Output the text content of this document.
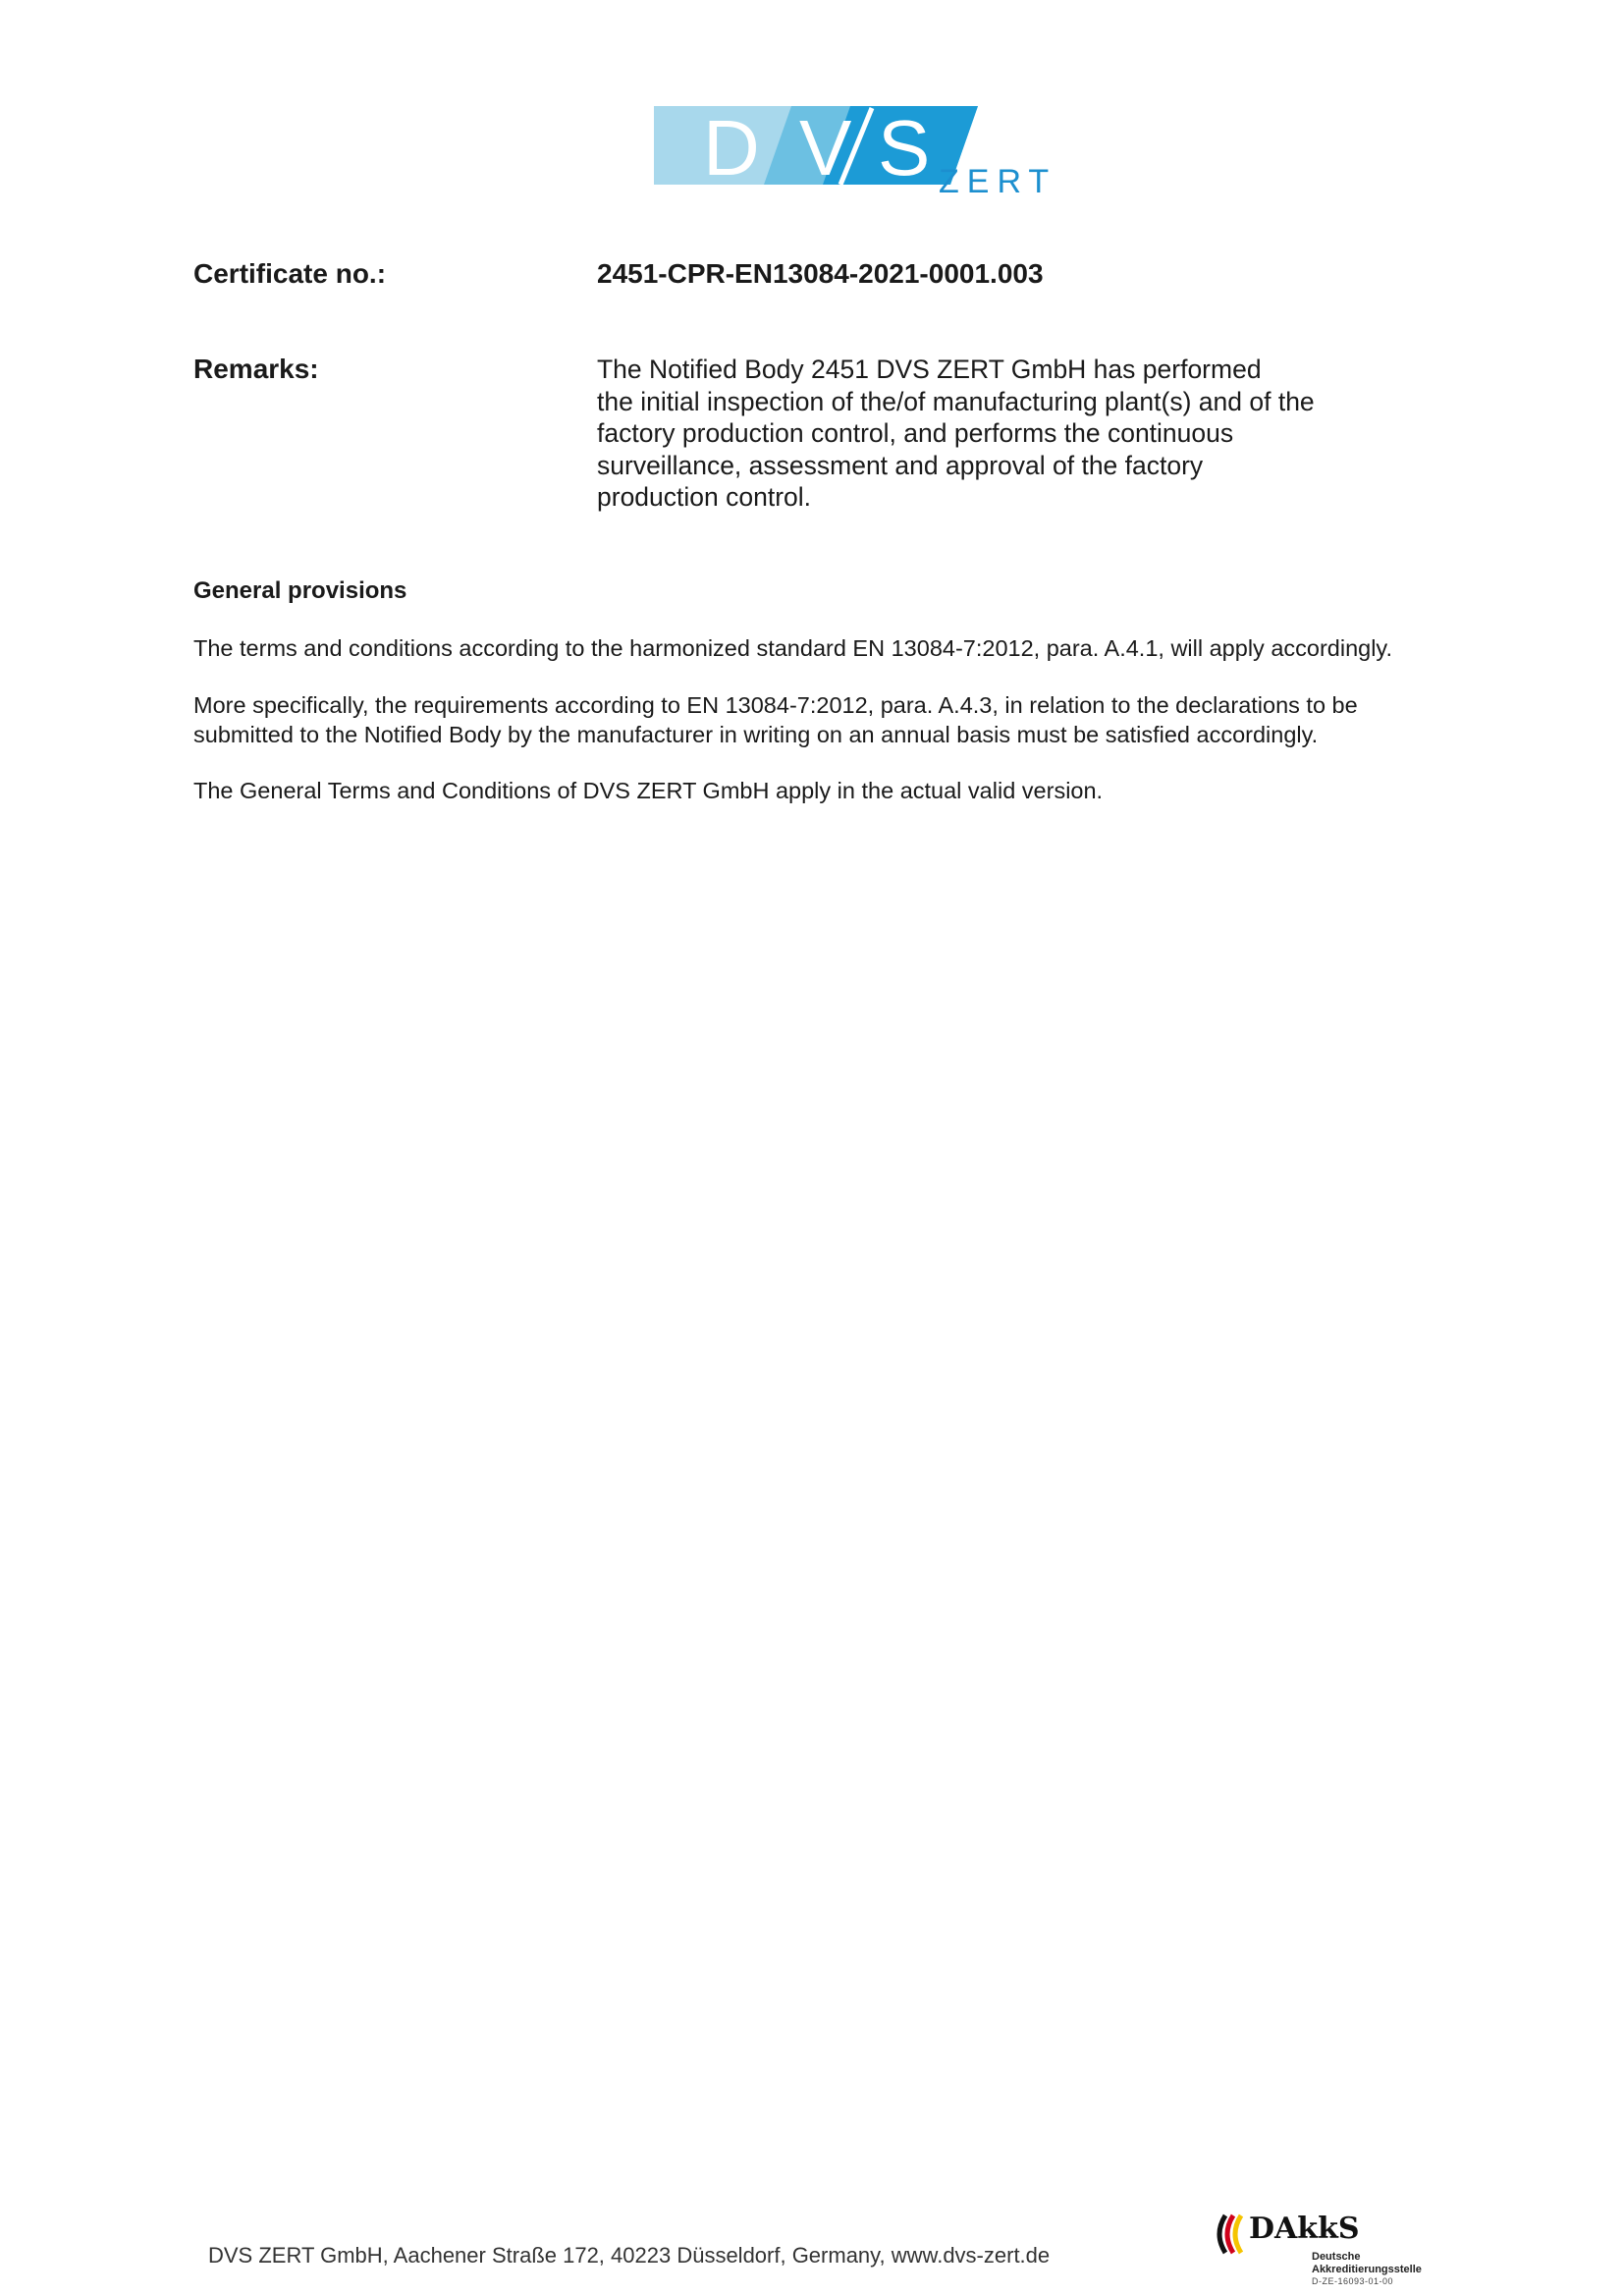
D V S ZERT
Certificate no.:	2451-CPR-EN13084-2021-0001.003
Remarks:	The Notified Body 2451 DVS ZERT GmbH has performed
the initial inspection of the/of manufacturing plant(s) and of the
factory production control, and performs the continuous
surveillance, assessment and approval of the factory
production control.
General provisions
The terms and conditions according to the harmonized standard EN 13084-7:2012, para. A.4.1, will apply accordingly.
More specifically, the requirements according to EN 13084-7:2012, para. A.4.3, in relation to the declarations to be
submitted to the Notified Body by the manufacturer in writing on an annual basis must be satisfied accordingly.
The General Terms and Conditions of DVS ZERT GmbH apply in the actual valid version.
DVS ZERT GmbH, Aachener Straße 172, 40223 Düsseldorf, Germany, www.dvs-zert.de
DAkkS
Deutsche
Akkreditierungsstelle
D-ZE-16093-01-00
